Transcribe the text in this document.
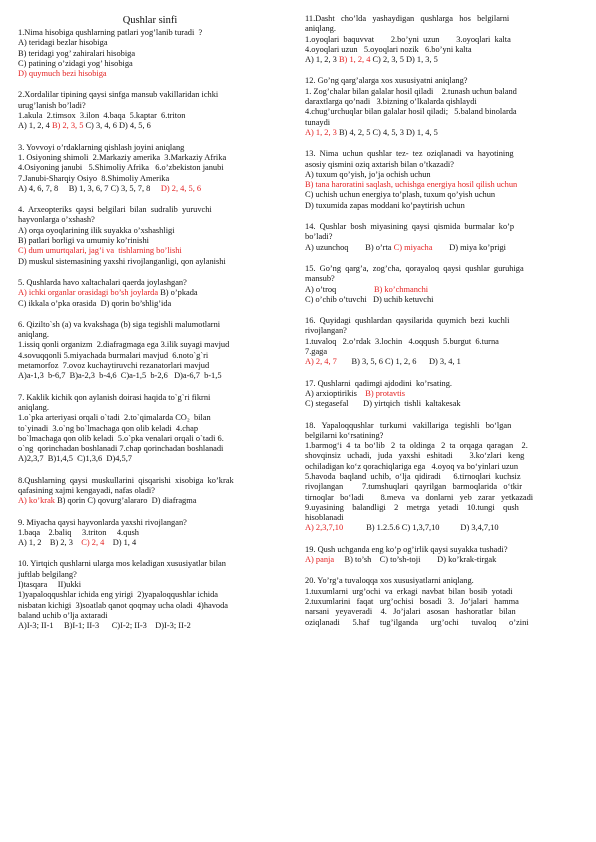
Qushlar sinfi
1.Nima hisobiga qushlarning patlari yog’lanib turadi  ?
A) teridagi bezlar hisobiga
B) teridagi yog’ zahiralari hisobiga
C) patining o’zidagi yog’ hisobiga
D) quymuch bezi hisobiga
2.Xordalilar tipining qaysi sinfga mansub vakillaridan ichki
urug’lanish bo’ladi?
1.akula  2.timsox  3.ilon  4.baqa  5.kaptar  6.triton
A) 1, 2, 4 B) 2, 3, 5 C) 3, 4, 6 D) 4, 5, 6
3. Yovvoyi o’rdaklarning qishlash joyini aniqlang
1. Osiyoning shimoli  2.Markaziy amerika  3.Markaziy Afrika
4.Osiyoning janubi   5.Shimoliy Afrika   6.o’zbekiston janubi
7.Janubi-Sharqiy Osiyo  8.Shimoliy Amerika
A) 4, 6, 7, 8     B) 1, 3, 6, 7 C) 3, 5, 7, 8     D) 2, 4, 5, 6
4.  Arxeopteriks  qaysi  belgilari  bilan  sudralib  yuruvchi
hayvonlarga o’xshash?
A) orqa oyoqlarining ilik suyakka o’xshashligi
B) patlari borligi va umumiy ko’rinishi
C) dum umurtqalari, jag’i va  tishlarning bo’lishi
D) muskul sistemasining yaxshi rivojlanganligi, qon aylanishi
5. Qushlarda havo xaltachalari qaerda joylashgan?
A) ichki organlar orasidagi bo’sh joylarda B) o’pkada
C) ikkala o’pka orasida  D) qorin bo’shlig’ida
6. Qizilto`sh (a) va kvakshaga (b) siga tegishli malumotlarni
aniqlang.
1.issiq qonli organizm  2.diafragmaga ega 3.ilik suyagi mavjud
4.sovuqqonli 5.miyachada burmalari mavjud  6.noto`g`ri
metamorfoz  7.ovoz kuchaytiruvchi rezanatorlari mavjud
A)a-1,3  b-6,7  B)a-2,3  b-4,6  C)a-1,5  b-2,6   D)a-6,7  b-1,5
7. Kaklik kichik qon aylanish doirasi haqida to`g`ri fikrni
aniqlang.
1.o`pka arteriyasi orqali o`tadi  2.to`qimalarda CO₂  bilan
to`yinadi  3.o`ng bo`lmachaga qon olib keladi  4.chap
bo`lmachaga qon olib keladi  5.o`pka venalari orqali o`tadi 6.
o`ng  qorinchadan boshlanadi 7.chap qorinchadan boshlanadi
A)2,3,7  B)1,4,5  C)1,3,6  D)4,5,7
8.Qushlarning  qaysi  muskullarini  qisqarishi  xisobiga  ko’krak
qafasining xajmi kengayadi, nafas oladi?
A) ko’krak B) qorin C) qovurg’alararo  D) diafragma
9. Miyacha qaysi hayvonlarda yaxshi rivojlangan?
1.baqa    2.baliq     3.triton     4.qush
A) 1, 2    B) 2, 3    C) 2, 4    D) 1, 4
10. Yirtqich qushlarni ularga mos keladigan xususiyatlar bilan
juftlab belgilang?
I)tasqara     II)ukki
1)yapaloqqushlar ichida eng yirigi  2)yapaloqqushlar ichida
nisbatan kichigi  3)soatlab qanot qoqmay ucha oladi  4)havoda
baland uchib o’lja axtaradi
A)I-3; II-1     B)I-1; II-3      C)I-2; II-3    D)I-3; II-2
11.Dasht   cho’lda   yashaydigan   qushlarga   hos   belgilarni
aniqlang.
1.oyoqlari  baquvvat        2.bo’yni  uzun        3.oyoqlari  kalta
4.oyoqlari uzun   5.oyoqlari nozik   6.bo’yni kalta
A) 1, 2, 3 B) 1, 2, 4 C) 2, 3, 5 D) 1, 3, 5
12. Go’ng qarg’alarga xos xususiyatni aniqlang?
1. Zog’chalar bilan galalar hosil qiladi    2.tunash uchun baland
daraxtlarga qo’nadi   3.bizning o’lkalarda qishlaydi
4.chug’urchuqlar bilan galalar hosil qiladi;   5.baland binolarda
tunaydi
A) 1, 2, 3 B) 4, 2, 5 C) 4, 5, 3 D) 1, 4, 5
13.  Nima  uchun  qushlar  tez-  tez  oziqlanadi  va  hayotining
asosiy qismini oziq axtarish bilan o’tkazadi?
A) tuxum qo’yish, jo’ja ochish uchun
B) tana haroratini saqlash, uchishga energiya hosil qilish uchun
C) uchish uchun energiya to’plash, tuxum qo’yish uchun
D) tuxumida zapas moddani ko’paytirish uchun
14.  Qushlar  bosh  miyasining  qaysi  qismida  burmalar  ko’p
bo’ladi?
A) uzunchoq        B) o’rta C) miyacha        D) miya ko’prigi
15.  Go’ng  qarg’a,  zog’cha,  qorayaloq  qaysi  qushlar  guruhiga
mansub?
A) o’troq                  B) ko’chmanchi
C) o’chib o’tuvchi   D) uchib ketuvchi
16.  Quyidagi  qushlardan  qaysilarida  quymich  bezi  kuchli
rivojlangan?
1.tuvaloq   2.o’rdak  3.lochin   4.oqqush  5.burgut  6.turna
7.gaga
A) 2, 4, 7       B) 3, 5, 6 C) 1, 2, 6      D) 3, 4, 1
17. Qushlarni  qadimgi ajdodini  ko’rsating.
A) arxioptirikis    B) protavtis
C) stegasefal       D) yirtqich  tishli  kaltakesak
18.   Yapaloqqushlar   turkumi   vakillariga   tegishli   bo‘lgan
belgilarni ko‘rsatining?
1.barmog‘i  4  ta  bo‘lib   2  ta  oldinga   2  ta  orqaga  qaragan    2.
shovqinsiz   uchadi,   juda   yaxshi   eshitadi        3.ko‘zlari   keng
ochiladigan ko‘z qorachiqlariga ega   4.oyoq va bo‘yinlari uzun
5.havoda  baqland  uchib,  o‘lja  qidiradi      6.tirnoqlari  kuchsiz
rivojlangan         7.tumshuqlari   qayrilgan   barmoqlarida   o‘tkir
tirnoqlar   bo‘ladi        8.meva   va   donlarni   yeb   zarar   yetkazadi
9.uyasining    balandligi    2    metrga    yetadi    10.tungi    qush
hisoblanadi
A) 2,3,7,10           B) 1.2.5.6 C) 1,3,7,10          D) 3,4,7,10
19. Qush uchganda eng ko’p og’irlik qaysi suyakka tushadi?
A) panja     B) to’sh    C) to’sh-toji        D) ko’krak-tirgak
20. Yo’rg’a tuvaloqqa xos xususiyatlarni aniqlang.
1.tuxumlarni  urg’ochi  va  erkagi  navbat  bilan  bosib  yotadi
2.tuxumlarini   faqat   urg’ochisi   bosadi   3.   Jo’jalari   hamma
narsani   yeyaveradi    4.   Jo’jalari   asosan   hashoratlar   bilan
oziqlanadi      5.haf     tug’ilganda      urg’ochi      tuvaloq      o’zini
